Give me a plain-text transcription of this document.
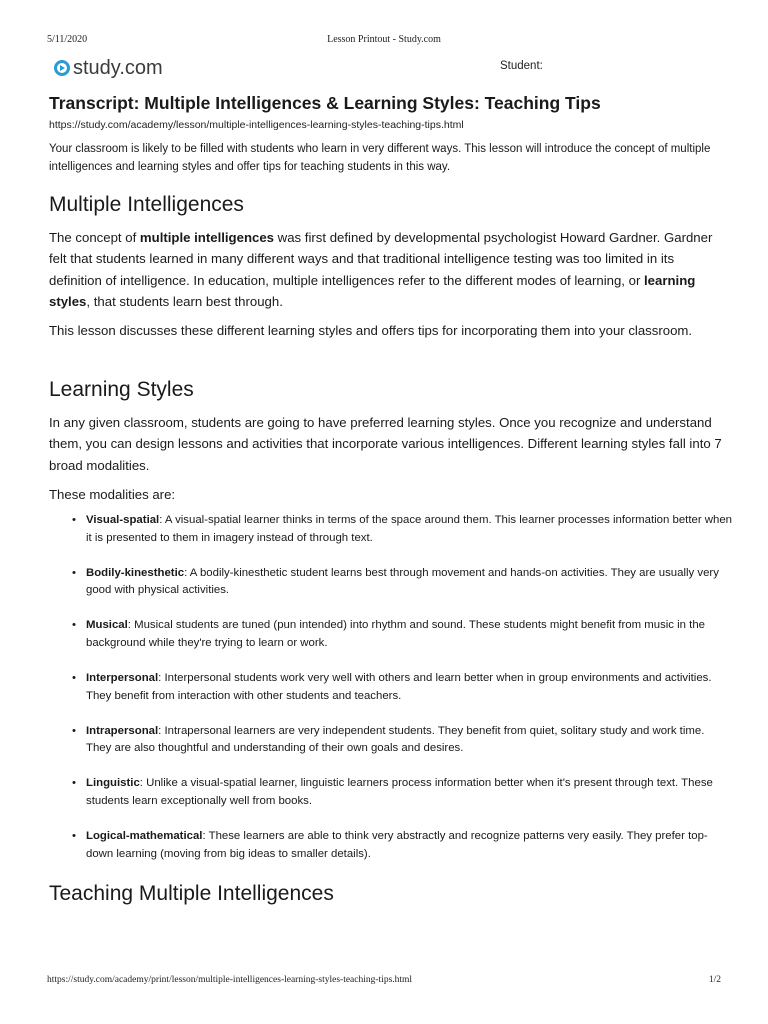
5/11/2020	Lesson Printout - Study.com
study.com	Student:
Transcript: Multiple Intelligences & Learning Styles: Teaching Tips
https://study.com/academy/lesson/multiple-intelligences-learning-styles-teaching-tips.html

Your classroom is likely to be filled with students who learn in very different ways. This lesson will introduce the concept of multiple intelligences and learning styles and offer tips for teaching students in this way.

Multiple Intelligences

The concept of multiple intelligences was first defined by developmental psychologist Howard Gardner. Gardner felt that students learned in many different ways and that traditional intelligence testing was too limited in its definition of intelligence. In education, multiple intelligences refer to the different modes of learning, or learning styles, that students learn best through.

This lesson discusses these different learning styles and offers tips for incorporating them into your classroom.

Learning Styles

In any given classroom, students are going to have preferred learning styles. Once you recognize and understand them, you can design lessons and activities that incorporate various intelligences. Different learning styles fall into 7 broad modalities.

These modalities are:

• Visual-spatial: A visual-spatial learner thinks in terms of the space around them. This learner processes information better when it is presented to them in imagery instead of through text.
• Bodily-kinesthetic: A bodily-kinesthetic student learns best through movement and hands-on activities. They are usually very good with physical activities.
• Musical: Musical students are tuned (pun intended) into rhythm and sound. These students might benefit from music in the background while they're trying to learn or work.
• Interpersonal: Interpersonal students work very well with others and learn better when in group environments and activities. They benefit from interaction with other students and teachers.
• Intrapersonal: Intrapersonal learners are very independent students. They benefit from quiet, solitary study and work time. They are also thoughtful and understanding of their own goals and desires.
• Linguistic: Unlike a visual-spatial learner, linguistic learners process information better when it's present through text. These students learn exceptionally well from books.
• Logical-mathematical: These learners are able to think very abstractly and recognize patterns very easily. They prefer top-down learning (moving from big ideas to smaller details).
Teaching Multiple Intelligences
https://study.com/academy/print/lesson/multiple-intelligences-learning-styles-teaching-tips.html	1/2
